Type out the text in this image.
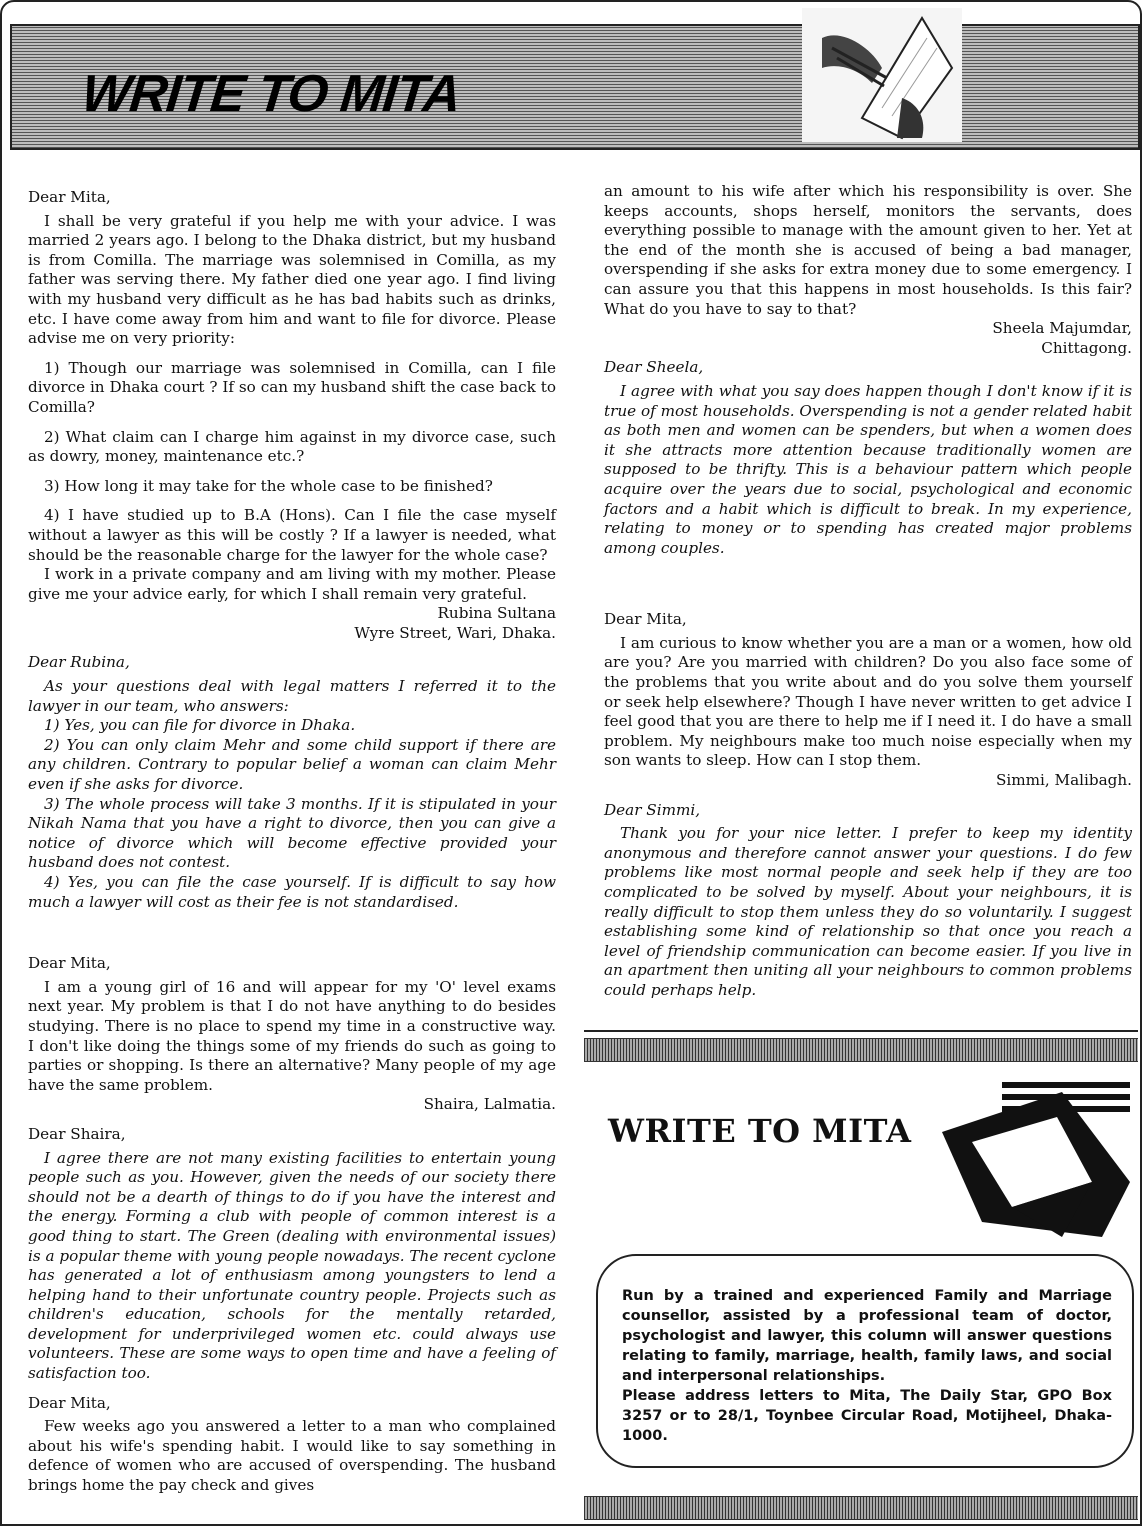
WRITE TO MITA

Dear Mita,

I shall be very grateful if you help me with your advice. I was married 2 years ago. I belong to the Dhaka district, but my husband is from Comilla. The marriage was solemnised in Comilla, as my father was serving there. My father died one year ago. I find living with my husband very difficult as he has bad habits such as drinks, etc. I have come away from him and want to file for divorce. Please advise me on very priority:

1) Though our marriage was solemnised in Comilla, can I file divorce in Dhaka court ? If so can my husband shift the case back to Comilla?

2) What claim can I charge him against in my divorce case, such as dowry, money, maintenance etc.?

3) How long it may take for the whole case to be finished?

4) I have studied up to B.A (Hons). Can I file the case myself without a lawyer as this will be costly ? If a lawyer is needed, what should be the reasonable charge for the lawyer for the whole case?

I work in a private company and am living with my mother. Please give me your advice early, for which I shall remain very grateful.

Rubina Sultana

Wyre Street, Wari, Dhaka.

Dear Rubina,

As your questions deal with legal matters I referred it to the lawyer in our team, who answers:

1) Yes, you can file for divorce in Dhaka.

2) You can only claim Mehr and some child support if there are any children. Contrary to popular belief a woman can claim Mehr even if she asks for divorce.

3) The whole process will take 3 months. If it is stipulated in your Nikah Nama that you have a right to divorce, then you can give a notice of divorce which will become effective provided your husband does not contest.

4) Yes, you can file the case yourself. If is difficult to say how much a lawyer will cost as their fee is not standardised.

Dear Mita,

I am a young girl of 16 and will appear for my 'O' level exams next year. My problem is that I do not have anything to do besides studying. There is no place to spend my time in a constructive way. I don't like doing the things some of my friends do such as going to parties or shopping. Is there an alternative? Many people of my age have the same problem.

Shaira, Lalmatia.

Dear Shaira,

I agree there are not many existing facilities to entertain young people such as you. However, given the needs of our society there should not be a dearth of things to do if you have the interest and the energy. Forming a club with people of common interest is a good thing to start. The Green (dealing with environmental issues) is a popular theme with young people nowadays. The recent cyclone has generated a lot of enthusiasm among youngsters to lend a helping hand to their unfortunate country people. Projects such as children's education, schools for the mentally retarded, development for underprivileged women etc. could always use volunteers. These are some ways to open time and have a feeling of satisfaction too.

Dear Mita,

Few weeks ago you answered a letter to a man who complained about his wife's spending habit. I would like to say something in defence of women who are accused of overspending. The husband brings home the pay check and gives

an amount to his wife after which his responsibility is over. She keeps accounts, shops herself, monitors the servants, does everything possible to manage with the amount given to her. Yet at the end of the month she is accused of being a bad manager, overspending if she asks for extra money due to some emergency. I can assure you that this happens in most households. Is this fair? What do you have to say to that?

Sheela Majumdar,

Chittagong.

Dear Sheela,

I agree with what you say does happen though I don't know if it is true of most households. Overspending is not a gender related habit as both men and women can be spenders, but when a women does it she attracts more attention because traditionally women are supposed to be thrifty. This is a behaviour pattern which people acquire over the years due to social, psychological and economic factors and a habit which is difficult to break. In my experience, relating to money or to spending has created major problems among couples.

Dear Mita,

I am curious to know whether you are a man or a women, how old are you? Are you married with children? Do you also face some of the problems that you write about and do you solve them yourself or seek help elsewhere? Though I have never written to get advice I feel good that you are there to help me if I need it. I do have a small problem. My neighbours make too much noise especially when my son wants to sleep. How can I stop them.

Simmi, Malibagh.

Dear Simmi,

Thank you for your nice letter. I prefer to keep my identity anonymous and therefore cannot answer your questions. I do few problems like most normal people and seek help if they are too complicated to be solved by myself. About your neighbours, it is really difficult to stop them unless they do so voluntarily. I suggest establishing some kind of relationship so that once you reach a level of friendship communication can become easier. If you live in an apartment then uniting all your neighbours to common problems could perhaps help.

WRITE TO MITA

Run by a trained and experienced Family and Marriage counsellor, assisted by a professional team of doctor, psychologist and lawyer, this column will answer questions relating to family, marriage, health, family laws, and social and interpersonal relationships.

Please address letters to Mita, The Daily Star, GPO Box 3257 or to 28/1, Toynbee Circular Road, Motijheel, Dhaka-1000.
